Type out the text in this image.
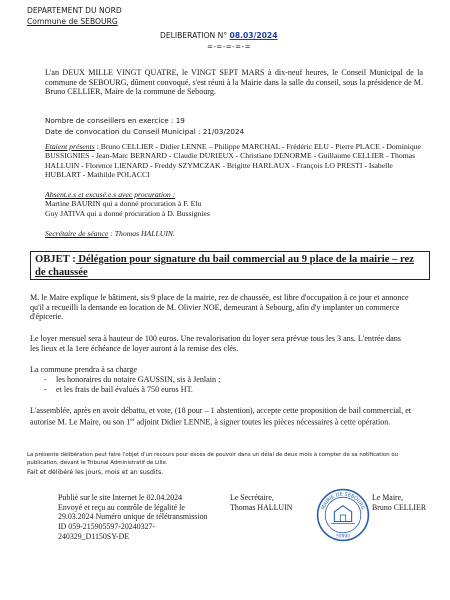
DEPARTEMENT DU NORD
Commune de SEBOURG
DELIBERATION N° 08.03/2024
=-=-=-=-=
L'an DEUX MILLE VINGT QUATRE, le VINGT SEPT MARS à dix-neuf heures, le Conseil Municipal de la commune de SEBOURG, dûment convoqué, s'est réuni à la Mairie dans la salle du conseil, sous la présidence de M. Bruno CELLIER, Maire de la commune de Sebourg.
Nombre de conseillers en exercice : 19
Date de convocation du Conseil Municipal : 21/03/2024
Etaient présents : Bruno CELLIER - Didier LENNE – Philippe MARCHAL - Frédéric ELU - Pierre PLACE - Dominique BUSSIGNIES - Jean-Marc BERNARD - Claudie DURIEUX - Christiane DENORME - Guillaume CELLIER - Thomas HALLUIN - Florence LIENARD - Freddy SZYMCZAK - Brigitte HARLAUX - François LO PRESTI - Isabelle HUBLART - Mathilde POLACCI
Absent.e.s et excusé.e.s avec procuration :
Martine BAURIN qui a donné procuration à F. Elu
Guy JATIVA qui a donné procuration à D. Bussignies
Secrétaire de séance : Thomas HALLUIN.
OBJET : Délégation pour signature du bail commercial au 9 place de la mairie – rez de chaussée
M. le Maire explique le bâtiment, sis 9 place de la mairie, rez de chaussée, est libre d'occupation à ce jour et annonce qu'il a recueilli la demande en location de M. Olivier NOE, demeurant à Sebourg, afin d'y implanter un commerce d'épicerie.
Le loyer mensuel sera à hauteur de 100 euros. Une revalorisation du loyer sera prévue tous les 3 ans. L'entrée dans les lieux et la 1ere échéance de loyer auront à la remise des clés.
La commune prendra à sa charge
- les honoraires du notaire GAUSSIN, sis à Jenlain ;
- et les frais de bail évalués à 750 euros HT.
L'assemblée, après en avoir débattu, et vote, (18 pour – 1 abstention), accepte cette proposition de bail commercial, et autorise M. Le Maire, ou son 1er adjoint Didier LENNE, à signer toutes les pièces nécessaires à cette opération.
La présente délibération peut faire l'objet d'un recours pour excès de pouvoir dans un délai de deux mois à compter de sa notification ou publication, devant le Tribunal Administratif de Lille.
Fait et délibéré les jours, mois et an susdits.
Publié sur le site Internet le 02.04.2024 Envoyé et reçu au contrôle de légalité le 29.03.2024 Numéro unique de télétransmission ID 059-215905597-20240327-240329_D1150SY-DE
Le Secrétaire,
Thomas HALLUIN	MAIRIE DE SEBOURG
59990
Le Maire,
Bruno CELLIER
